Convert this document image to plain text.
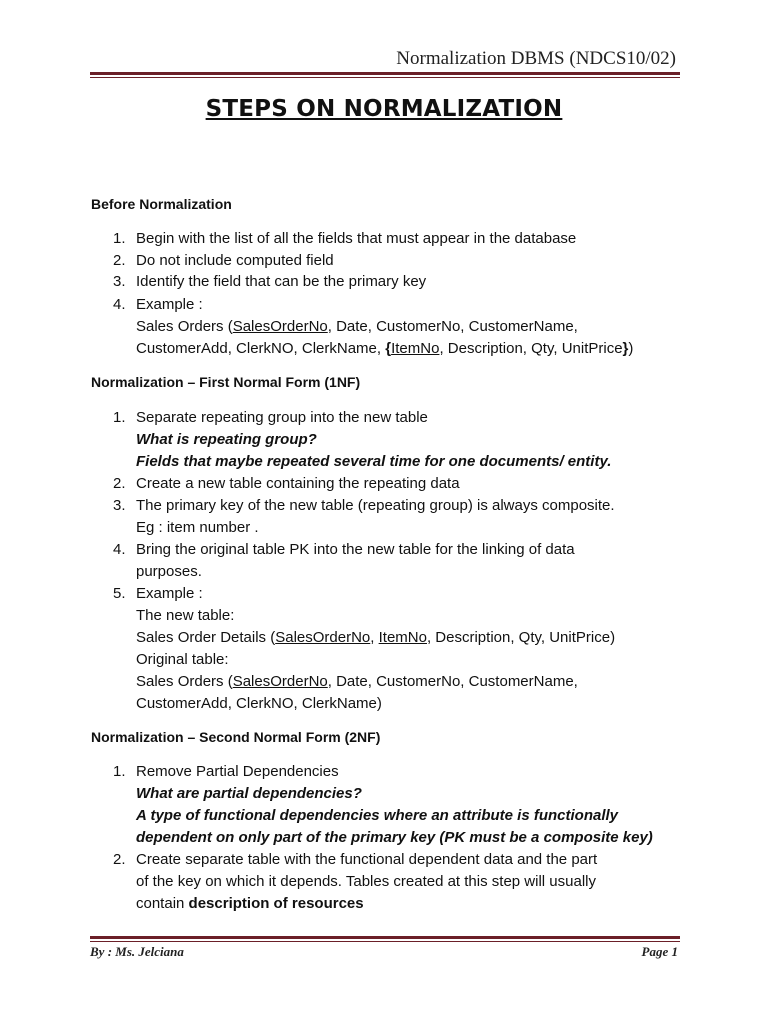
Normalization DBMS (NDCS10/02)
STEPS ON NORMALIZATION
Before Normalization
1. Begin with the list of all the fields that must appear in the database
2. Do not include computed field
3. Identify the field that can be the primary key
4. Example :
Sales Orders (SalesOrderNo, Date, CustomerNo, CustomerName,
CustomerAdd, ClerkNO, ClerkName, {ItemNo, Description, Qty, UnitPrice})
Normalization – First Normal Form (1NF)
1. Separate repeating group into the new table
What is repeating group?
Fields that maybe repeated several time for one documents/ entity.
2. Create a new table containing the repeating data
3. The primary key of the new table (repeating group) is always composite.
Eg : item number .
4. Bring the original table PK into the new table for the linking of data
purposes.
5. Example :
The new table:
Sales Order Details (SalesOrderNo, ItemNo, Description, Qty, UnitPrice)
Original table:
Sales Orders (SalesOrderNo, Date, CustomerNo, CustomerName,
CustomerAdd, ClerkNO, ClerkName)
Normalization – Second Normal Form (2NF)
1. Remove Partial Dependencies
What are partial dependencies?
A type of functional dependencies where an attribute is functionally
dependent on only part of the primary key (PK must be a composite key)
2. Create separate table with the functional dependent data and the part
of the key on which it depends. Tables created at this step will usually
contain description of resources
By : Ms. Jelciana	Page 1
